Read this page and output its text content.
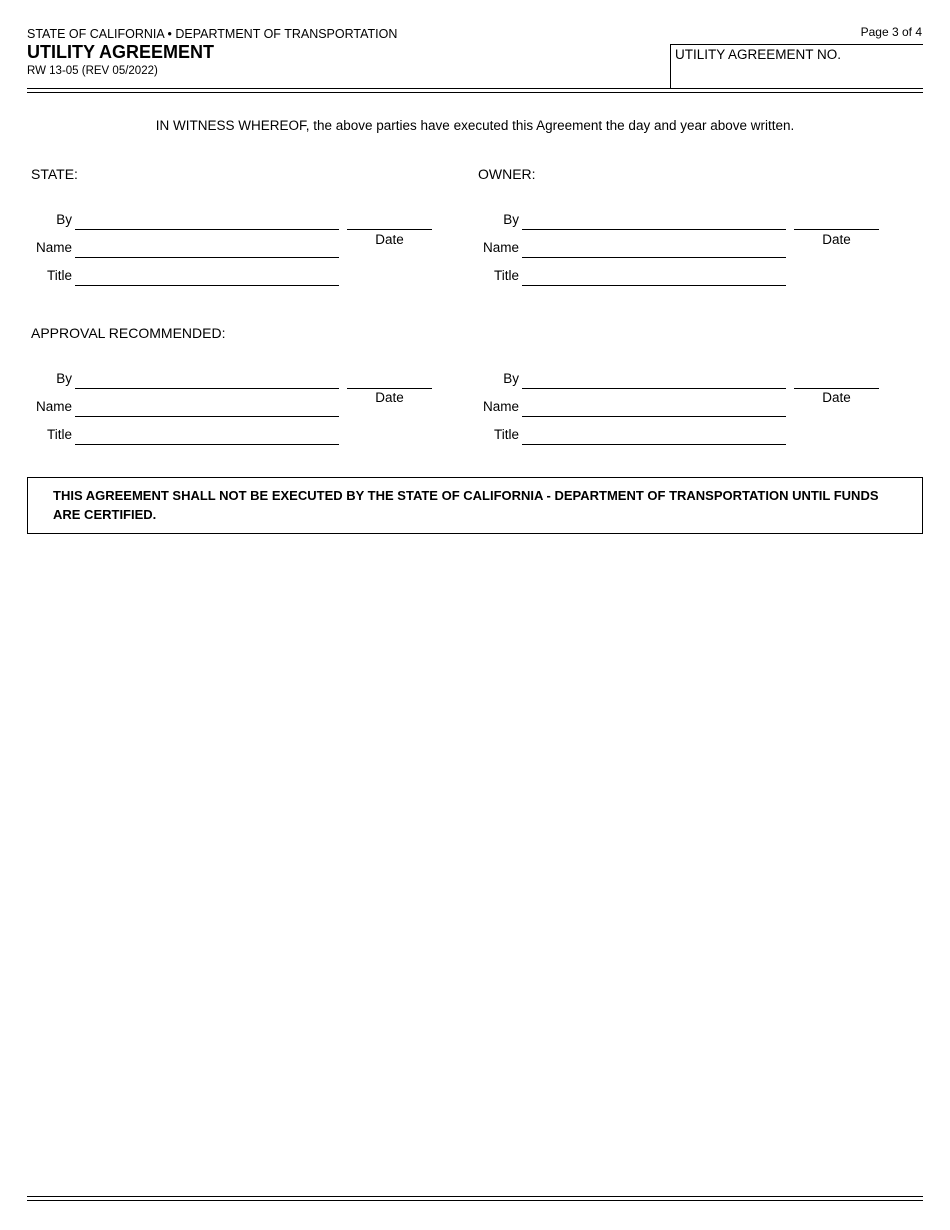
STATE OF CALIFORNIA • DEPARTMENT OF TRANSPORTATION
UTILITY AGREEMENT
RW 13-05 (REV 05/2022)
Page 3 of 4
UTILITY AGREEMENT NO.
IN WITNESS WHEREOF, the above parties have executed this Agreement the day and year above written.
STATE:
By
Name
Title
Date
OWNER:
By
Name
Title
Date
APPROVAL RECOMMENDED:
By
Name
Title
Date
By
Name
Title
Date
THIS AGREEMENT SHALL NOT BE EXECUTED BY THE STATE OF CALIFORNIA - DEPARTMENT OF TRANSPORTATION UNTIL FUNDS ARE CERTIFIED.
